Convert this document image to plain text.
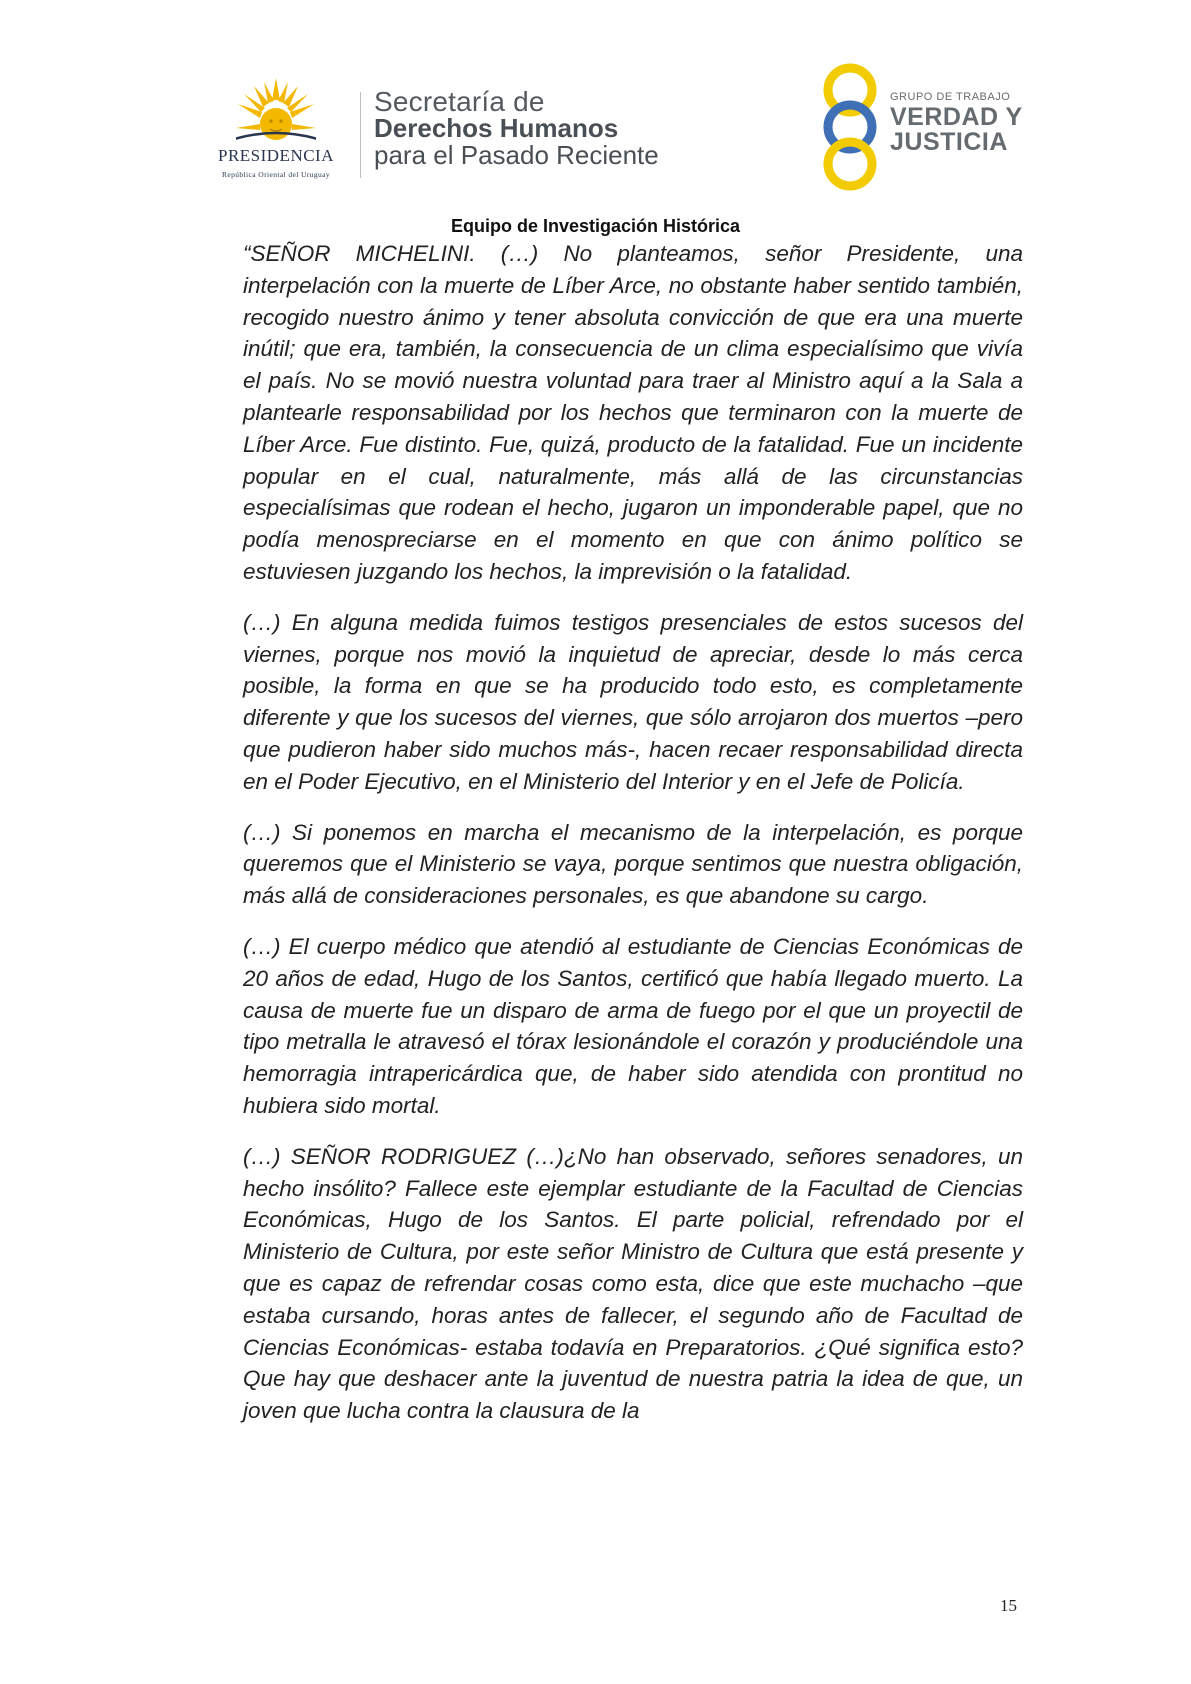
PRESIDENCIA
República Oriental del Uruguay
Secretaría de
Derechos Humanos
para el Pasado Reciente
GRUPO DE TRABAJO
VERDAD Y
JUSTICIA
Equipo de Investigación Histórica

“SEÑOR MICHELINI. (…) No planteamos, señor Presidente, una interpelación con la muerte de Líber Arce, no obstante haber sentido también, recogido nuestro ánimo y tener absoluta convicción de que era una muerte inútil; que era, también, la consecuencia de un clima especialísimo que vivía el país. No se movió nuestra voluntad para traer al Ministro aquí a la Sala a plantearle responsabilidad por los hechos que terminaron con la muerte de Líber Arce. Fue distinto. Fue, quizá, producto de la fatalidad. Fue un incidente popular en el cual, naturalmente, más allá de las circunstancias especialísimas que rodean el hecho, jugaron un imponderable papel, que no podía menospreciarse en el momento en que con ánimo político se estuviesen juzgando los hechos, la imprevisión o la fatalidad.

(…) En alguna medida fuimos testigos presenciales de estos sucesos del viernes, porque nos movió la inquietud de apreciar, desde lo más cerca posible, la forma en que se ha producido todo esto, es completamente diferente y que los sucesos del viernes, que sólo arrojaron dos muertos –pero que pudieron haber sido muchos más-, hacen recaer responsabilidad directa en el Poder Ejecutivo, en el Ministerio del Interior y en el Jefe de Policía.

(…) Si ponemos en marcha el mecanismo de la interpelación, es porque queremos que el Ministerio se vaya, porque sentimos que nuestra obligación, más allá de consideraciones personales, es que abandone su cargo.

(…) El cuerpo médico que atendió al estudiante de Ciencias Económicas de 20 años de edad, Hugo de los Santos, certificó que había llegado muerto. La causa de muerte fue un disparo de arma de fuego por el que un proyectil de tipo metralla le atravesó el tórax lesionándole el corazón y produciéndole una hemorragia intrapericárdica que, de haber sido atendida con prontitud no hubiera sido mortal.

(…) SEÑOR RODRIGUEZ (…)¿No han observado, señores senadores, un hecho insólito? Fallece este ejemplar estudiante de la Facultad de Ciencias Económicas, Hugo de los Santos. El parte policial, refrendado por el Ministerio de Cultura, por este señor Ministro de Cultura que está presente y que es capaz de refrendar cosas como esta, dice que este muchacho –que estaba cursando, horas antes de fallecer, el segundo año de Facultad de Ciencias Económicas- estaba todavía en Preparatorios. ¿Qué significa esto? Que hay que deshacer ante la juventud de nuestra patria la idea de que, un joven que lucha contra la clausura de la

15
